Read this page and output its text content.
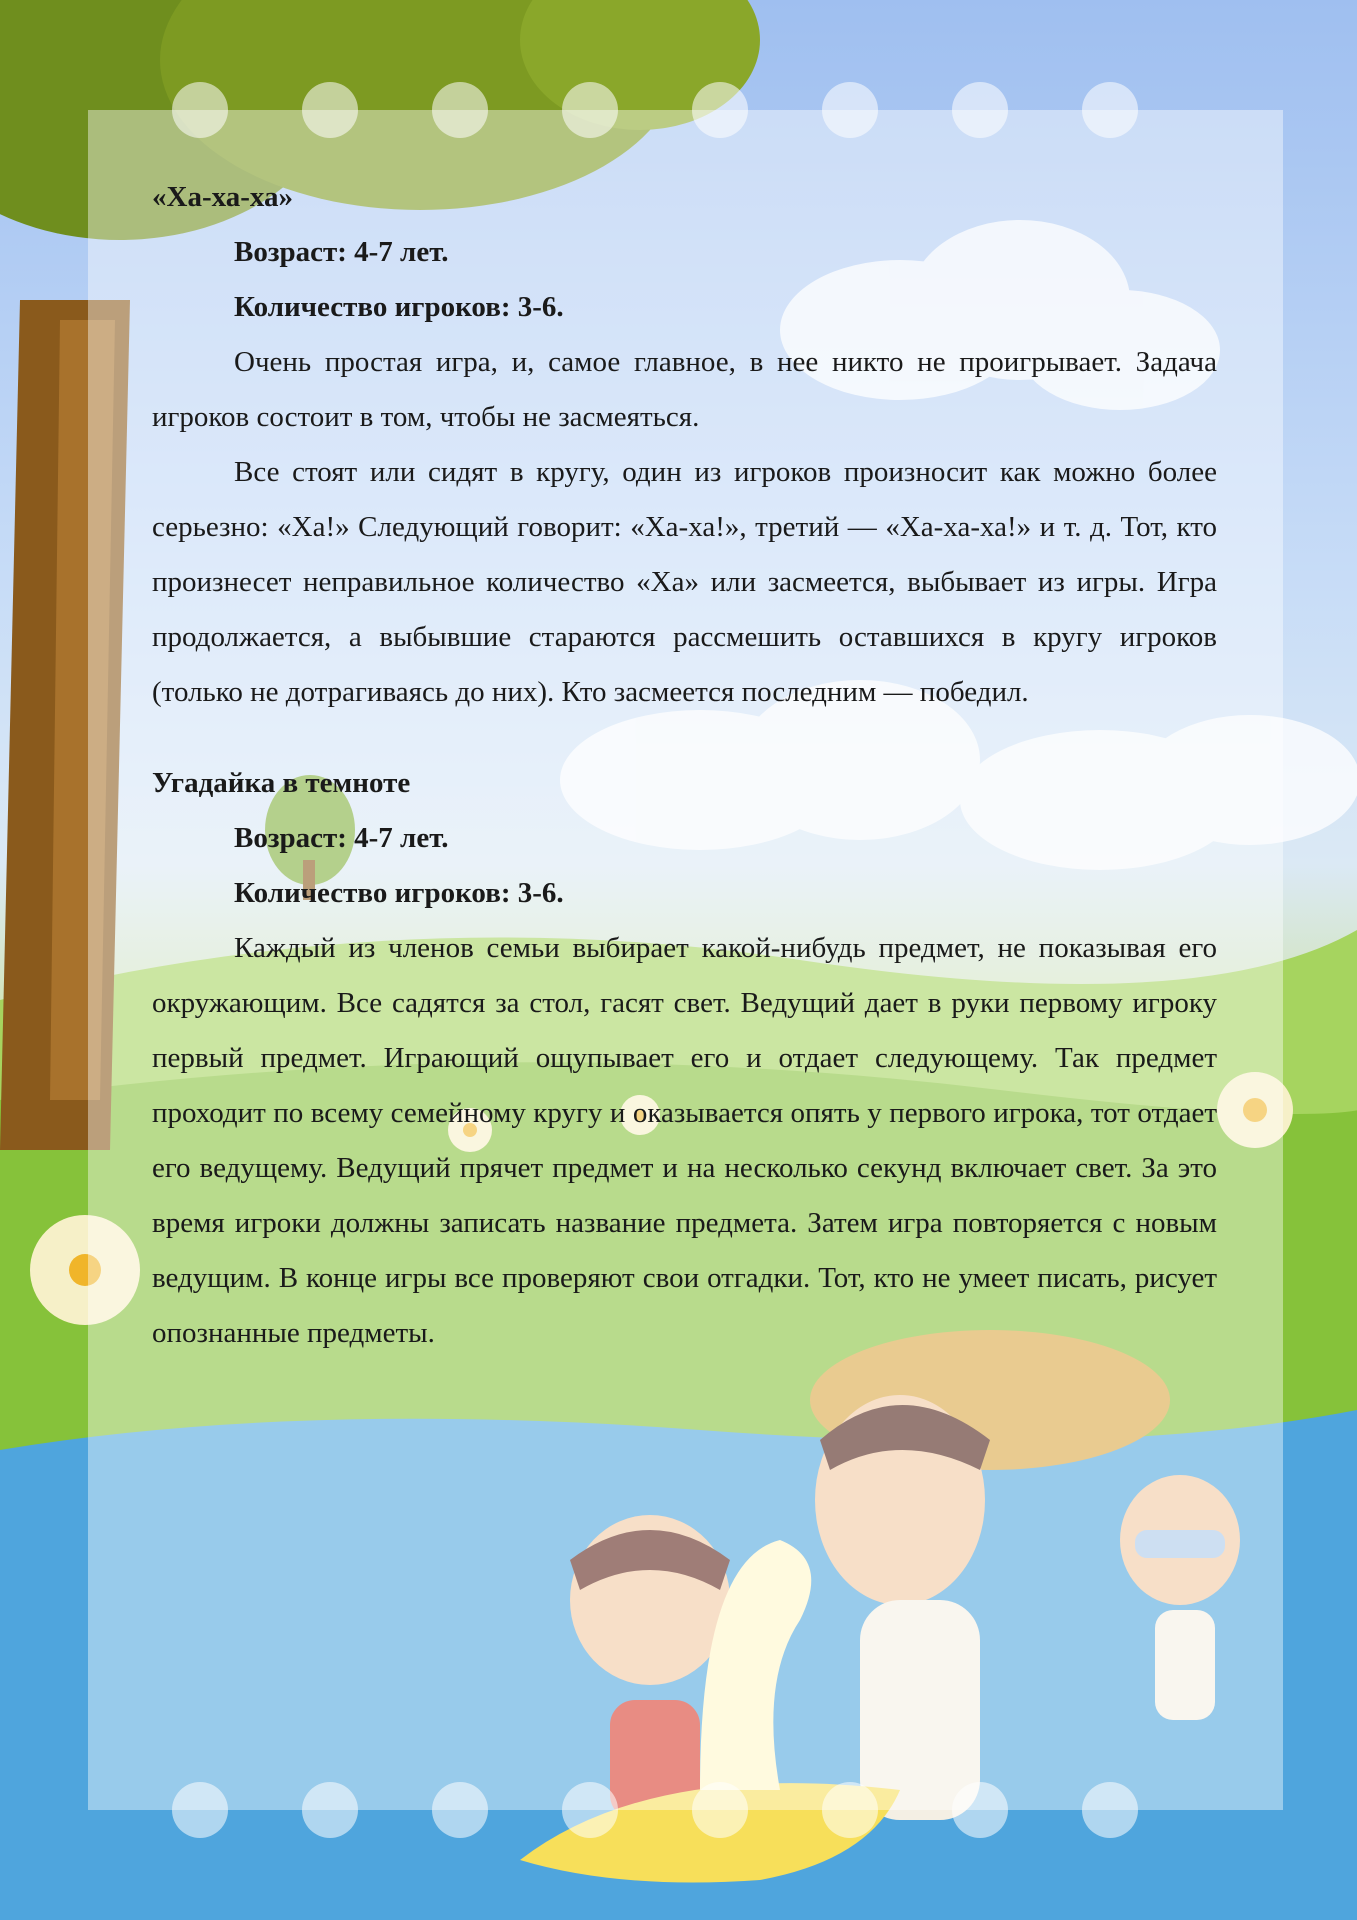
«Ха-ха-ха»

Возраст: 4-7 лет.

Количество игроков: 3-6.

Очень простая игра, и, самое главное, в нее никто не проигрывает. Задача игроков состоит в том, чтобы не засмеяться.

Все стоят или сидят в кругу, один из игроков произносит как можно более серьезно: «Ха!» Следующий говорит: «Ха-ха!», третий — «Ха-ха-ха!» и т. д. Тот, кто произнесет неправильное количество «Ха» или засмеется, выбывает из игры. Игра продолжается, а выбывшие стараются рассмешить оставшихся в кругу игроков (только не дотрагиваясь до них). Кто засмеется последним — победил.

Угадайка в темноте

Возраст: 4-7 лет.

Количество игроков: 3-6.

Каждый из членов семьи выбирает какой-нибудь предмет, не показывая его окружающим. Все садятся за стол, гасят свет. Ведущий дает в руки первому игроку первый предмет. Играющий ощупывает его и отдает следующему. Так предмет проходит по всему семейному кругу и оказывается опять у первого игрока, тот отдает его ведущему. Ведущий прячет предмет и на несколько секунд включает свет. За это время игроки должны записать название предмета. Затем игра повторяется с новым ведущим. В конце игры все проверяют свои отгадки. Тот, кто не умеет писать, рисует опознанные предметы.
